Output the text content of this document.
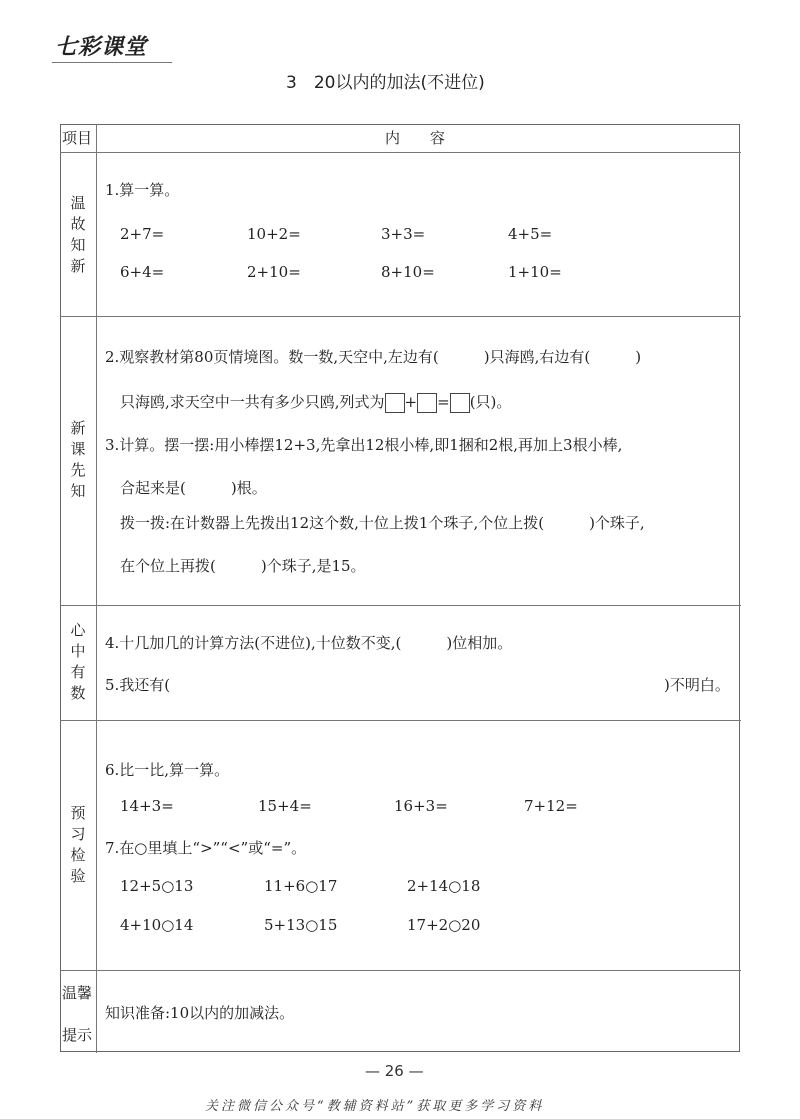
七彩课堂
3　20以内的加法(不进位)
项目	内　　容
温故知新
1.算一算。
2+7=	10+2=	3+3=	4+5=
6+4=	2+10=	8+10=	1+10=
新课先知
2.观察教材第80页情境图。数一数,天空中,左边有(　　　)只海鸥,右边有(　　　)
只海鸥,求天空中一共有多少只鸥,列式为 + = (只)。
3.计算。摆一摆:用小棒摆12+3,先拿出12根小棒,即1捆和2根,再加上3根小棒,
合起来是(　　　)根。
拨一拨:在计数器上先拨出12这个数,十位上拨1个珠子,个位上拨(　　　)个珠子,
在个位上再拨(　　　)个珠子,是15。
心中有数
4.十几加几的计算方法(不进位),十位数不变,(　　　)位相加。
5.我还有(	)不明白。
预习检验
6.比一比,算一算。
14+3=	15+4=	16+3=	7+12=
7.在○里填上“>”“<”或“=”。
12+5○13	11+6○17	2+14○18
4+10○14	5+13○15	17+2○20
温馨
提示
知识准备:10以内的加减法。
— 26 —
关注微信公众号“教辅资料站”获取更多学习资料
